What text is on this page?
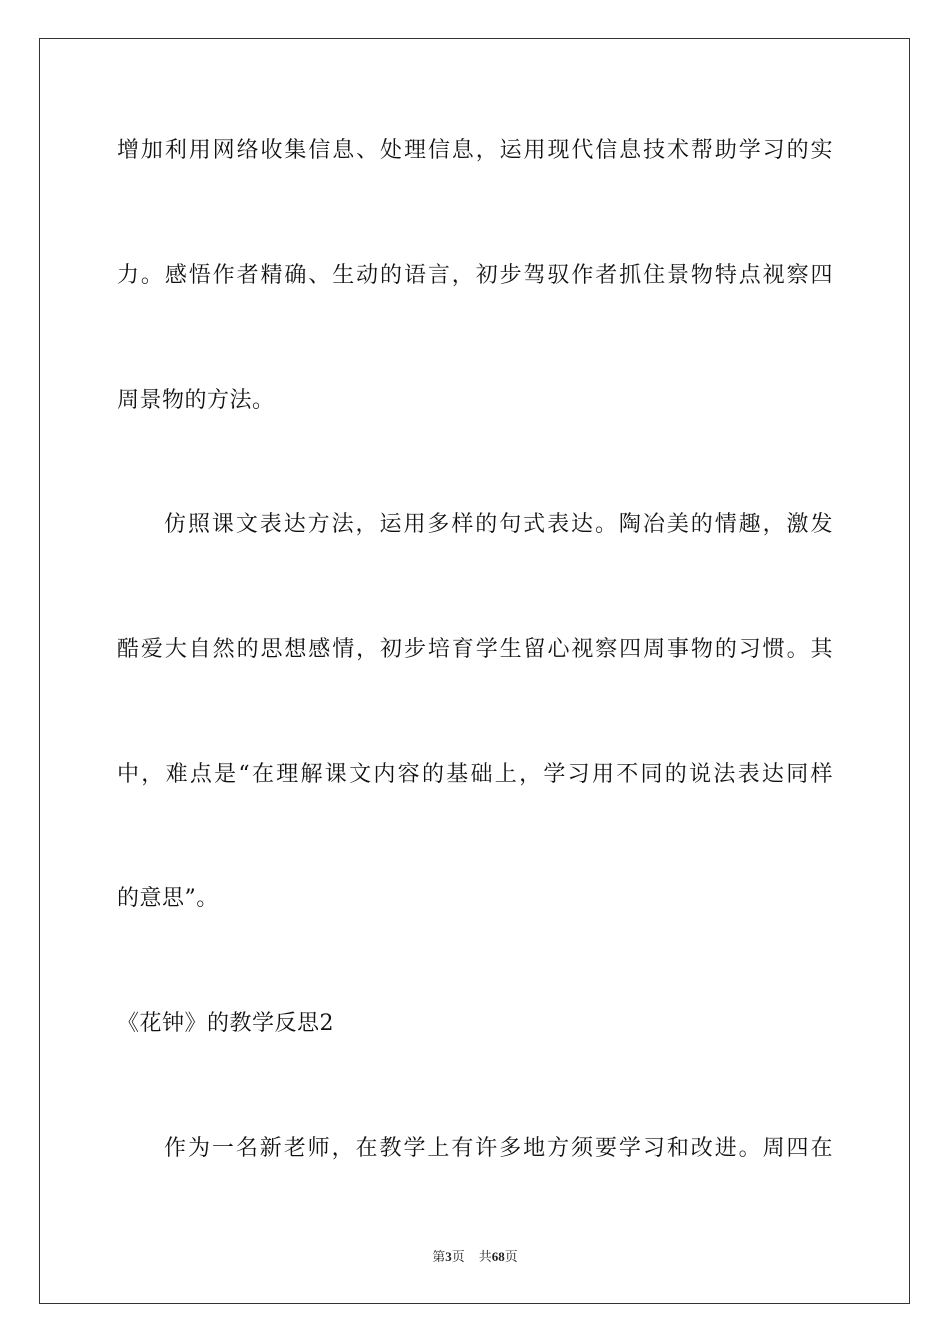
增加利用网络收集信息、处理信息，运用现代信息技术帮助学习的实
力。感悟作者精确、生动的语言，初步驾驭作者抓住景物特点视察四
周景物的方法。
仿照课文表达方法，运用多样的句式表达。陶冶美的情趣，激发
酷爱大自然的思想感情，初步培育学生留心视察四周事物的习惯。其
中，难点是“在理解课文内容的基础上，学习用不同的说法表达同样
的意思”。
《花钟》的教学反思2
作为一名新老师，在教学上有许多地方须要学习和改进。周四在
第3页 共68页
